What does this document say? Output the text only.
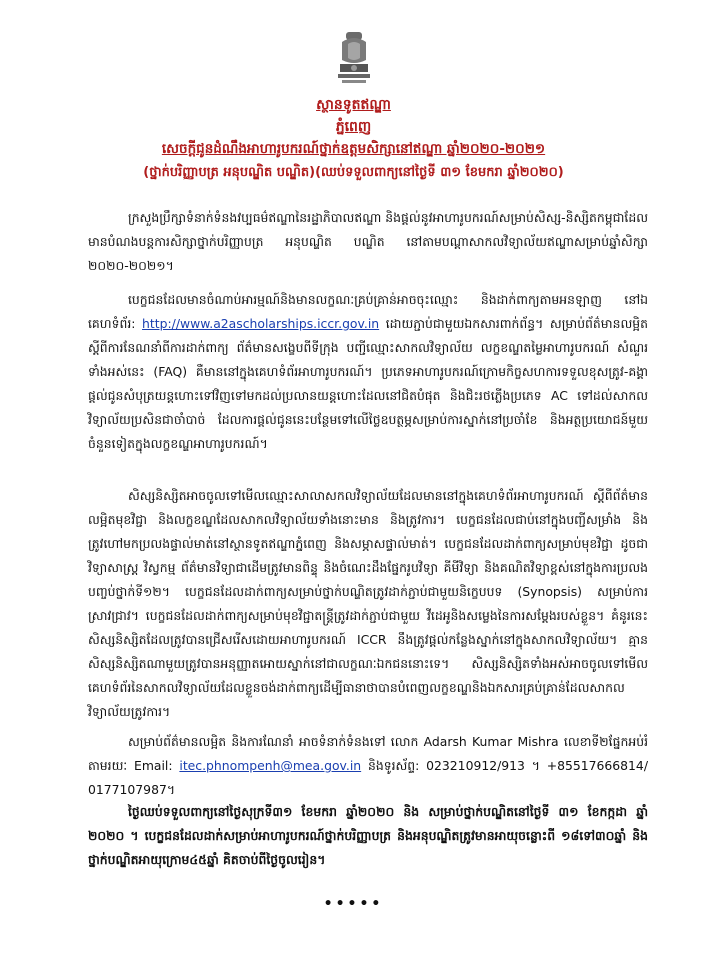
ស្ថានទូតឥណ្ឌា
ភ្នំពេញ
សេចក្តីជូនដំណឹងអាហារូបករណ៍ថ្នាក់ឧត្តមសិក្សានៅឥណ្ឌា ឆ្នាំ២០២០-២០២១
(ថ្នាក់បរិញ្ញាបត្រ អនុបណ្ឌិត បណ្ឌិត)(ឈប់ទទួលពាក្យនៅថ្ងៃទី ៣១ ខែមករា ឆ្នាំ២០២០)
ក្រសួងប្រឹក្សាទំនាក់ទំនងវប្បធម៌ឥណ្ឌានៃរដ្ឋាភិបាលឥណ្ឌា និងផ្តល់នូវអាហារូបករណ៍សម្រាប់សិស្ស-និស្សិតកម្ពុជាដែលមានបំណងបន្តការសិក្សាថ្នាក់បរិញ្ញាបត្រ អនុបណ្ឌិត បណ្ឌិត នៅតាមបណ្តាសាកលវិទ្យាល័យឥណ្ឌាសម្រាប់ឆ្នាំសិក្សា ២០២០-២០២១។
បេក្ខជនដែលមានចំណាប់អារម្មណ៍និងមានលក្ខណៈគ្រប់គ្រាន់អាចចុះឈ្មោះ និងដាក់ពាក្យតាមអនឡាញ នៅឯគេហទំព័រ: http://www.a2ascholarships.iccr.gov.in ដោយភ្ជាប់ជាមួយឯកសារពាក់ព័ន្ធ។ សម្រាប់ព័ត៌មានលម្អិតស្តីពីការនែណនាំពីការដាក់ពាក្យ ព័ត៌មានសង្ខេបពីទីក្រុង បញ្ជីឈ្មោះសាកលវិទ្យាល័យ លក្ខខណ្ឌតម្លៃអាហារូបករណ៍ សំណួរទាំងអស់នេះ (FAQ) គឺមាននៅក្នុងគេហទំព័រអាហារូបករណ៍។ ប្រភេទអាហារូបករណ៍ក្រោមកិច្ចសហការទទួលខុសត្រូវ-គង្គាផ្តល់ជូនសំបុត្រយន្តហោះទៅវិញទៅមកដល់ប្រលានយន្តហោះដែលនៅជិតបំផុត និងជិះរថភ្លើងប្រភេទ AC ទៅដល់សាកលវិទ្យាល័យប្រសិនជាចាំបាច់ ដែលការផ្តល់ជូននេះបន្ថែមទៅលើថ្លៃឧបត្ថម្ភសម្រាប់ការស្នាក់នៅប្រចាំខែ និងអត្ថប្រយោជន៍មួយចំនួនទៀតក្នុងលក្ខខណ្ឌអាហារូបករណ៍។
សិស្សនិស្សិតអាចចូលទៅមើលឈ្មោះសាលាសកលវិទ្យាល័យដែលមាននៅក្នុងគេហទំព័រអាហារូបករណ៍ ស្តីពីព័ត៌មានលម្អិតមុខវិជ្ជា និងលក្ខខណ្ឌដែលសាកលវិទ្យាល័យទាំងនោះមាន និងត្រូវការ។ បេក្ខជនដែលជាប់នៅក្នុងបញ្ជីសម្រាំង និងត្រូវហៅមកប្រលងផ្ទាល់មាត់នៅស្ថានទូតឥណ្ឌាភ្នំពេញ និងសម្ភាសផ្ទាល់មាត់។ បេក្ខជនដែលដាក់ពាក្យសម្រាប់មុខវិជ្ជា ដូចជាវិទ្យាសាស្ត្រ វិស្វកម្ម ព័ត៌មានវិទ្យាជាដើមត្រូវមានពិន្ទុ និងចំណេះដឹងផ្នែករូបវិទ្យា គីមីវិទ្យា និងគណិតវិទ្យាខ្ពស់នៅក្នុងការប្រលងបញ្ចប់ថ្នាក់ទី១២។ បេក្ខជនដែលដាក់ពាក្យសម្រាប់ថ្នាក់បណ្ឌិតត្រូវដាក់ភ្ជាប់ជាមួយនិក្ខេបបទ (Synopsis) សម្រាប់ការស្រាវជ្រាវ។ បេក្ខជនដែលដាក់ពាក្យសម្រាប់មុខវិជ្ជាតន្ត្រីត្រូវដាក់ភ្ជាប់ជាមួយ វីដេអូនិងសម្លេងនៃការសម្តែងរបស់ខ្លួន។ គំនូរនេះ សិស្សនិស្សិតដែលត្រូវបានជ្រើសរើសដោយអាហារូបករណ៍ ICCR នឹងត្រូវផ្តល់កន្លែងស្នាក់នៅក្នុងសាកលវិទ្យាល័យ។ គ្មានសិស្សនិស្សិតណាមួយត្រូវបានអនុញ្ញាតអោយស្នាក់នៅជាលក្ខណៈឯកជននោះទេ។ សិស្សនិស្សិតទាំងអស់អាចចូលទៅមើលគេហទំព័រនៃសាកលវិទ្យាល័យដែលខ្លួនចង់ដាក់ពាក្យដើម្បីធានាថាបានបំពេញលក្ខខណ្ឌនិងឯកសារគ្រប់គ្រាន់ដែលសាកលវិទ្យាល័យត្រូវការ។
សម្រាប់ព័ត៌មានលម្អិត និងការណែនាំ អាចទំនាក់ទំនងទៅ លោក Adarsh Kumar Mishra លេខាទី២ផ្នែកអប់រំតាមរយៈ Email: itec.phnompenh@mea.gov.in និងទូរស័ព្ទ: 023210912/913 ។ +85517666814/ 0177107987។
ថ្ងៃឈប់ទទួលពាក្យនៅថ្ងៃសុក្រទី៣១ ខែមករា ឆ្នាំ២០២០ និង សម្រាប់ថ្នាក់បណ្ឌិតនៅថ្ងៃទី ៣១ ខែកក្កដា ឆ្នាំ ២០២០ ។ បេក្ខជនដែលដាក់សម្រាប់អាហារូបករណ៍ថ្នាក់បរិញ្ញាបត្រ និងអនុបណ្ឌិតត្រូវមានអាយុចន្លោះពី ១៨ទៅ៣០ឆ្នាំ និងថ្នាក់បណ្ឌិតអាយុក្រោម៤៥ឆ្នាំ គិតចាប់ពីថ្ងៃចូលរៀន។
•••••
